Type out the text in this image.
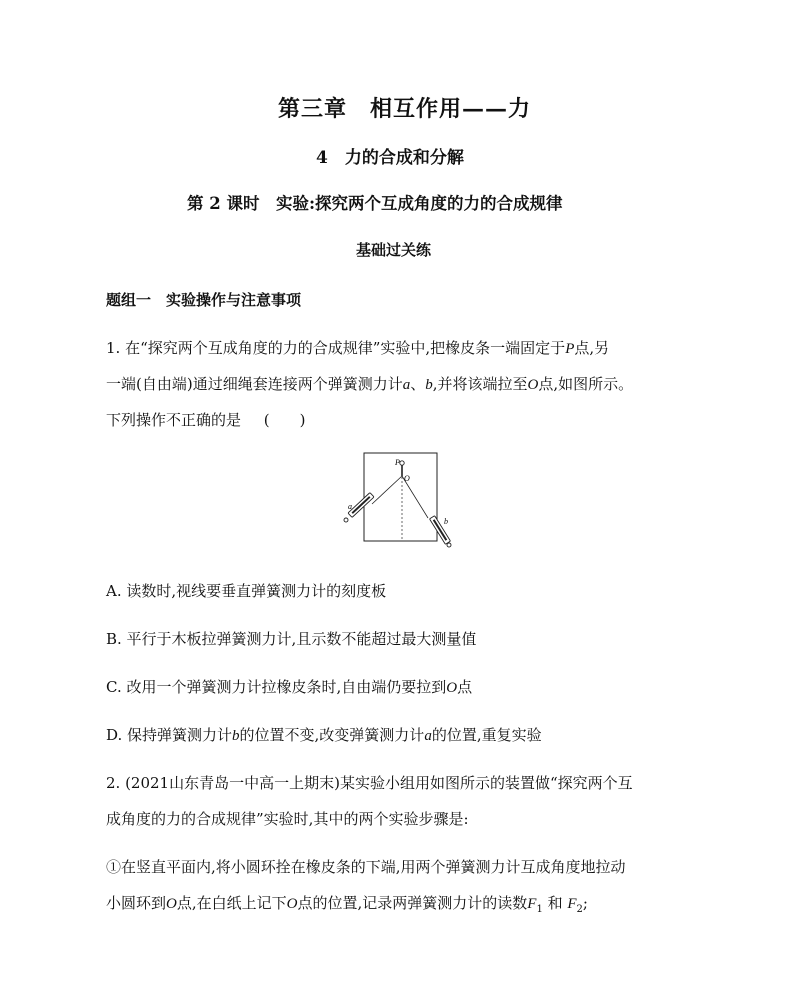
第三章　相互作用——力
4　力的合成和分解
第 2 课时　实验:探究两个互成角度的力的合成规律
基础过关练
题组一　实验操作与注意事项
1. 在“探究两个互成角度的力的合成规律”实验中,把橡皮条一端固定于P点,另
一端(自由端)通过细绳套连接两个弹簧测力计a、b,并将该端拉至O点,如图所示。
下列操作不正确的是 (　　)
P
O
a
b
A. 读数时,视线要垂直弹簧测力计的刻度板
B. 平行于木板拉弹簧测力计,且示数不能超过最大测量值
C. 改用一个弹簧测力计拉橡皮条时,自由端仍要拉到O点
D. 保持弹簧测力计b的位置不变,改变弹簧测力计a的位置,重复实验
2. (2021山东青岛一中高一上期末)某实验小组用如图所示的装置做“探究两个互
成角度的力的合成规律”实验时,其中的两个实验步骤是:
①在竖直平面内,将小圆环拴在橡皮条的下端,用两个弹簧测力计互成角度地拉动
小圆环到O点,在白纸上记下O点的位置,记录两弹簧测力计的读数$F_1$ 和 $F_2$;
